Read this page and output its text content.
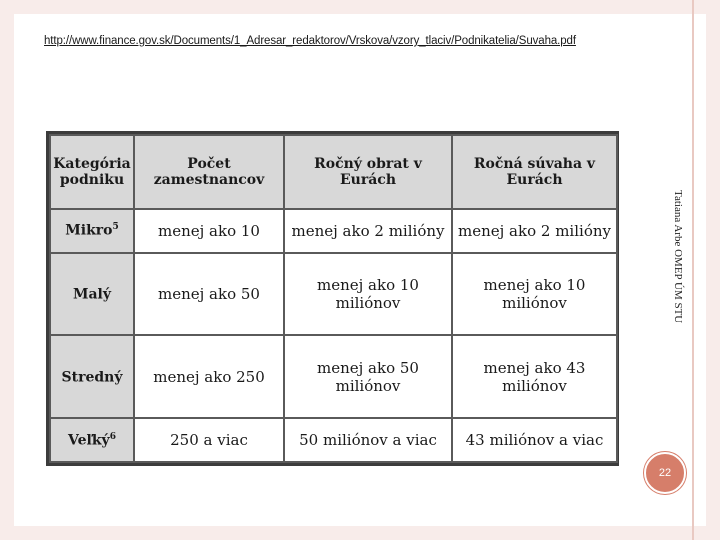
http://www.finance.gov.sk/Documents/1_Adresar_redaktorov/Vrskova/vzory_tlaciv/Podnikatelia/Suvaha.pdf
Kategória podniku	Počet zamestnancov	Ročný obrat v Eurách	Ročná súvaha v Eurách
Mikro$^5$	menej ako 10	menej ako 2 milióny	menej ako 2 milióny
Malý	menej ako 50	menej ako 10 miliónov	menej ako 10 miliónov
Stredný	menej ako 250	menej ako 50 miliónov	menej ako 43 miliónov
Veľký$^6$	250 a viac	50 miliónov a viac	43 miliónov a viac
Tatiana Arbe OMEP ÚM STU
22
